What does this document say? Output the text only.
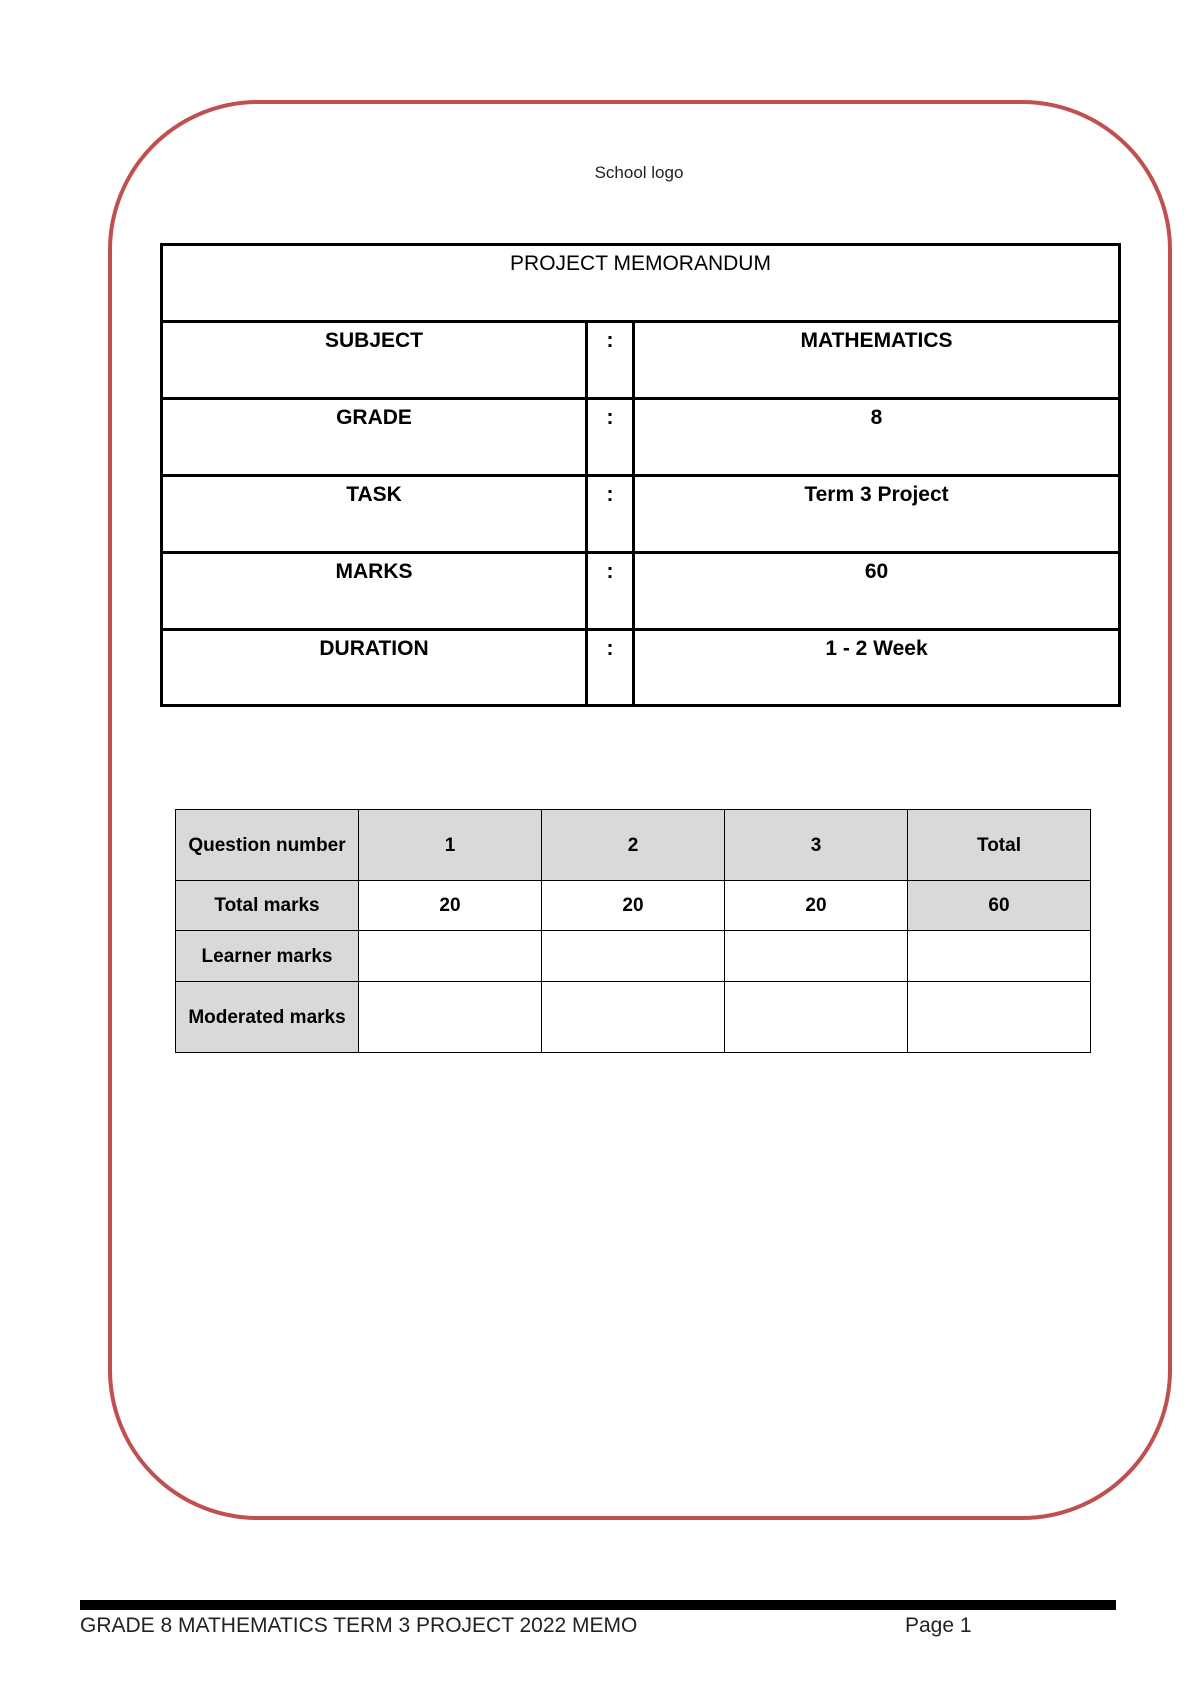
School logo
PROJECT MEMORANDUM
SUBJECT	:	MATHEMATICS
GRADE	:	8
TASK	:	Term 3 Project
MARKS	:	60
DURATION	:	1 - 2 Week
Question number	1	2	3	Total
Total marks	20	20	20	60
Learner marks				
Moderated marks				
GRADE 8 MATHEMATICS TERM 3 PROJECT 2022 MEMO	Page 1
